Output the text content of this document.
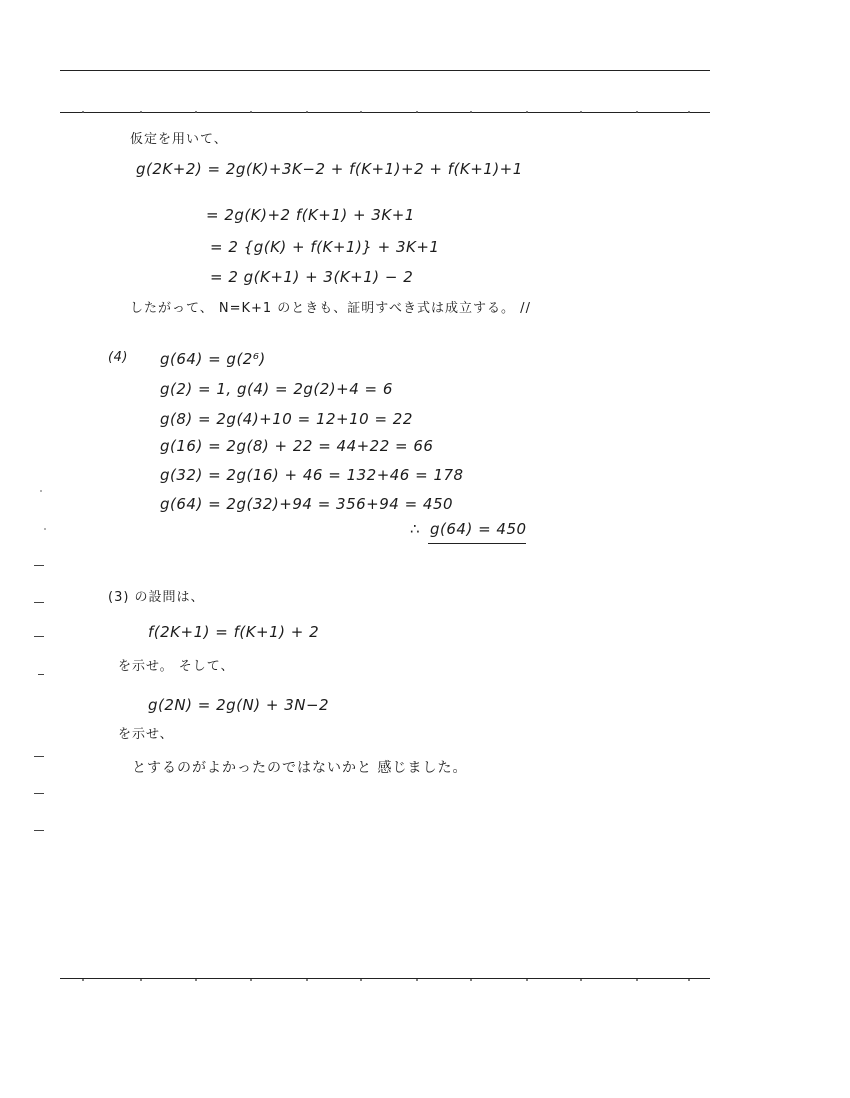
仮定を用いて、
g(2K+2) = 2g(K)+3K−2 + f(K+1)+2 + f(K+1)+1
= 2g(K)+2 f(K+1) + 3K+1
= 2 {g(K) + f(K+1)} + 3K+1
= 2 g(K+1) + 3(K+1) − 2
したがって、 N=K+1 のときも、証明すべき式は成立する。 //
(4) g(64) = g(2⁶)
g(2) = 1, g(4) = 2g(2)+4 = 6
g(8) = 2g(4)+10 = 12+10 = 22
g(16) = 2g(8) + 22 = 44+22 = 66
g(32) = 2g(16) + 46 = 132+46 = 178
g(64) = 2g(32)+94 = 356+94 = 450
∴ g(64) = 450
(3) の設問は、
f(2K+1) = f(K+1) + 2
を示せ。 そして、
g(2N) = 2g(N) + 3N−2
を示せ、
とするのがよかったのではないかと 感じました。
